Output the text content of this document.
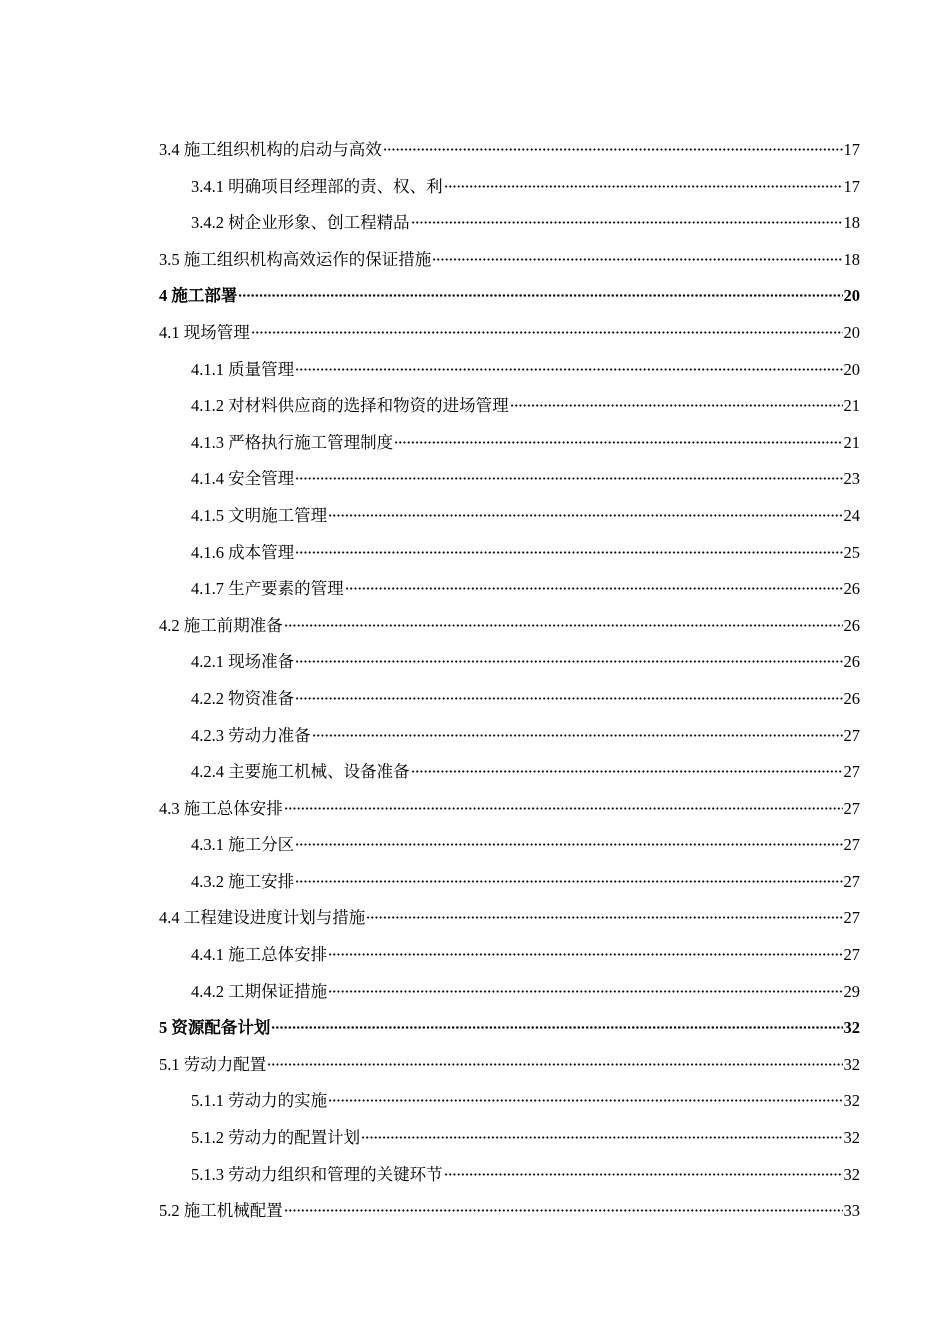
3.4 施工组织机构的启动与高效	17
3.4.1 明确项目经理部的责、权、利	17
3.4.2 树企业形象、创工程精品	18
3.5 施工组织机构高效运作的保证措施	18
4 施工部署	20
4.1 现场管理	20
4.1.1 质量管理	20
4.1.2 对材料供应商的选择和物资的进场管理	21
4.1.3 严格执行施工管理制度	21
4.1.4 安全管理	23
4.1.5 文明施工管理	24
4.1.6 成本管理	25
4.1.7 生产要素的管理	26
4.2 施工前期准备	26
4.2.1 现场准备	26
4.2.2 物资准备	26
4.2.3 劳动力准备	27
4.2.4 主要施工机械、设备准备	27
4.3 施工总体安排	27
4.3.1 施工分区	27
4.3.2 施工安排	27
4.4 工程建设进度计划与措施	27
4.4.1 施工总体安排	27
4.4.2 工期保证措施	29
5 资源配备计划	32
5.1 劳动力配置	32
5.1.1 劳动力的实施	32
5.1.2 劳动力的配置计划	32
5.1.3 劳动力组织和管理的关键环节	32
5.2 施工机械配置	33
